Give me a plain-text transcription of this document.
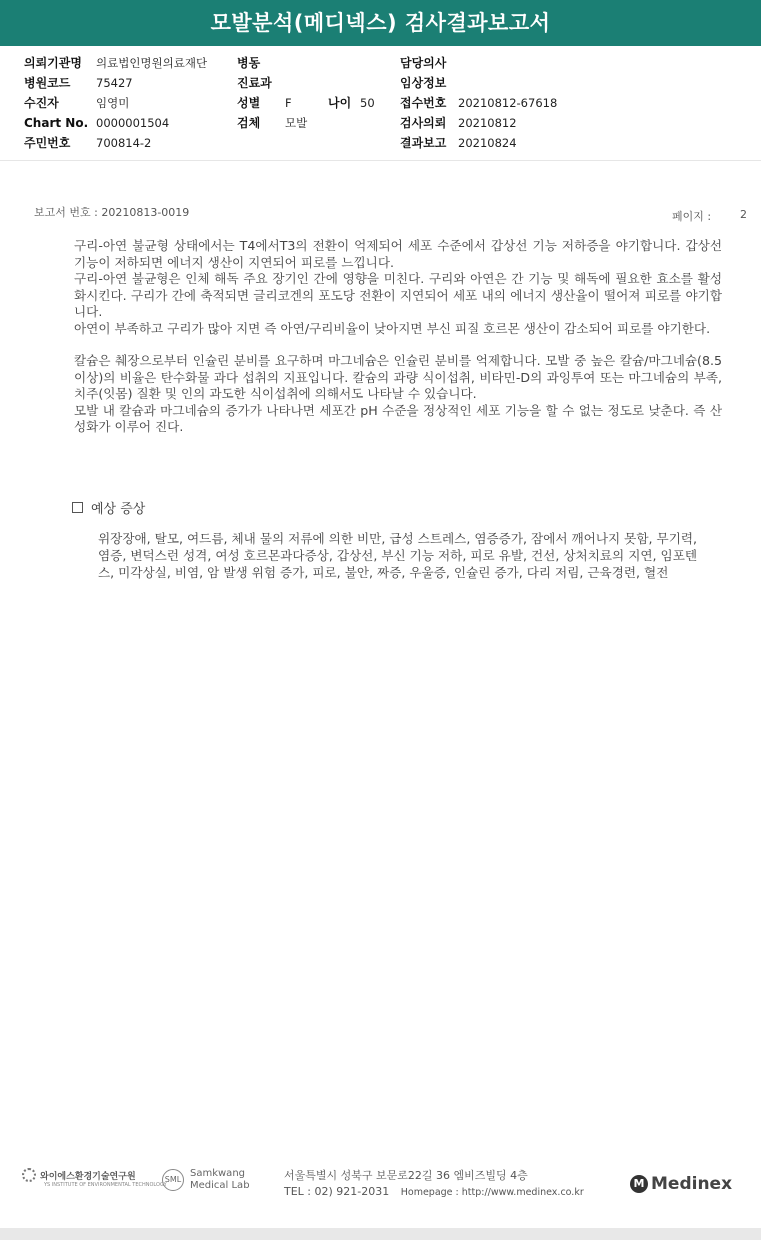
모발분석(메디넥스) 검사결과보고서
의뢰기관명 의료법인명원의료재단 병동	담당의사
병원코드 75427	진료과	임상정보
수진자	임영미	성별 F	나이 50 접수번호 20210812-67618
Chart No. 0000001504	검체 모발	검사의뢰 20210812
주민번호 700814-2	결과보고 20210824
보고서 번호 : 20210813-0019	페이지 :	2

구리-아연 불균형 상태에서는 T4에서T3의 전환이 억제되어 세포 수준에서 갑상선 기능 저하증을 야기합니다. 갑상선 기능이 저하되면 에너지 생산이 지연되어 피로를 느낍니다.

구리-아연 불균형은 인체 해독 주요 장기인 간에 영향을 미친다. 구리와 아연은 간 기능 및 해독에 필요한 효소를 활성화시킨다. 구리가 간에 축적되면 글리코겐의 포도당 전환이 지연되어 세포 내의 에너지 생산율이 떨어져 피로를 야기합니다.

아연이 부족하고 구리가 많아 지면 즉 아연/구리비율이 낮아지면 부신 피질 호르몬 생산이 감소되어 피로를 야기한다.

칼슘은 췌장으로부터 인슐린 분비를 요구하며 마그네슘은 인슐린 분비를 억제합니다. 모발 중 높은 칼슘/마그네슘(8.5이상)의 비율은 탄수화물 과다 섭취의 지표입니다. 칼슘의 과량 식이섭취, 비타민-D의 과잉투여 또는 마그네슘의 부족, 치주(잇몸) 질환 및 인의 과도한 식이섭취에 의해서도 나타날 수 있습니다.

모발 내 칼슘과 마그네슘의 증가가 나타나면 세포간 pH 수준을 정상적인 세포 기능을 할 수 없는 정도로 낮춘다. 즉 산성화가 이루어 진다.

예상 증상
위장장애, 탈모, 여드름, 체내 물의 저류에 의한 비만, 급성 스트레스, 염증증가, 잠에서 깨어나지 못함, 무기력, 염증, 변덕스런 성격, 여성 호르몬과다증상, 갑상선, 부신 기능 저하, 피로 유발, 건선, 상처치료의 지연, 임포텐스, 미각상실, 비염, 암 발생 위험 증가, 피로, 불안, 짜증, 우울증, 인슐린 증가, 다리 저림, 근육경련, 혈전
와이에스환경기술연구원
YS INSTITUTE OF ENVIRONMENTAL TECHNOLOGY
SML
Samkwang
Medical Lab
서울특별시 성북구 보문로22길 36 엠비즈빌딩 4층
TEL : 02) 921-2031 Homepage : http://www.medinex.co.kr
M Medinex
